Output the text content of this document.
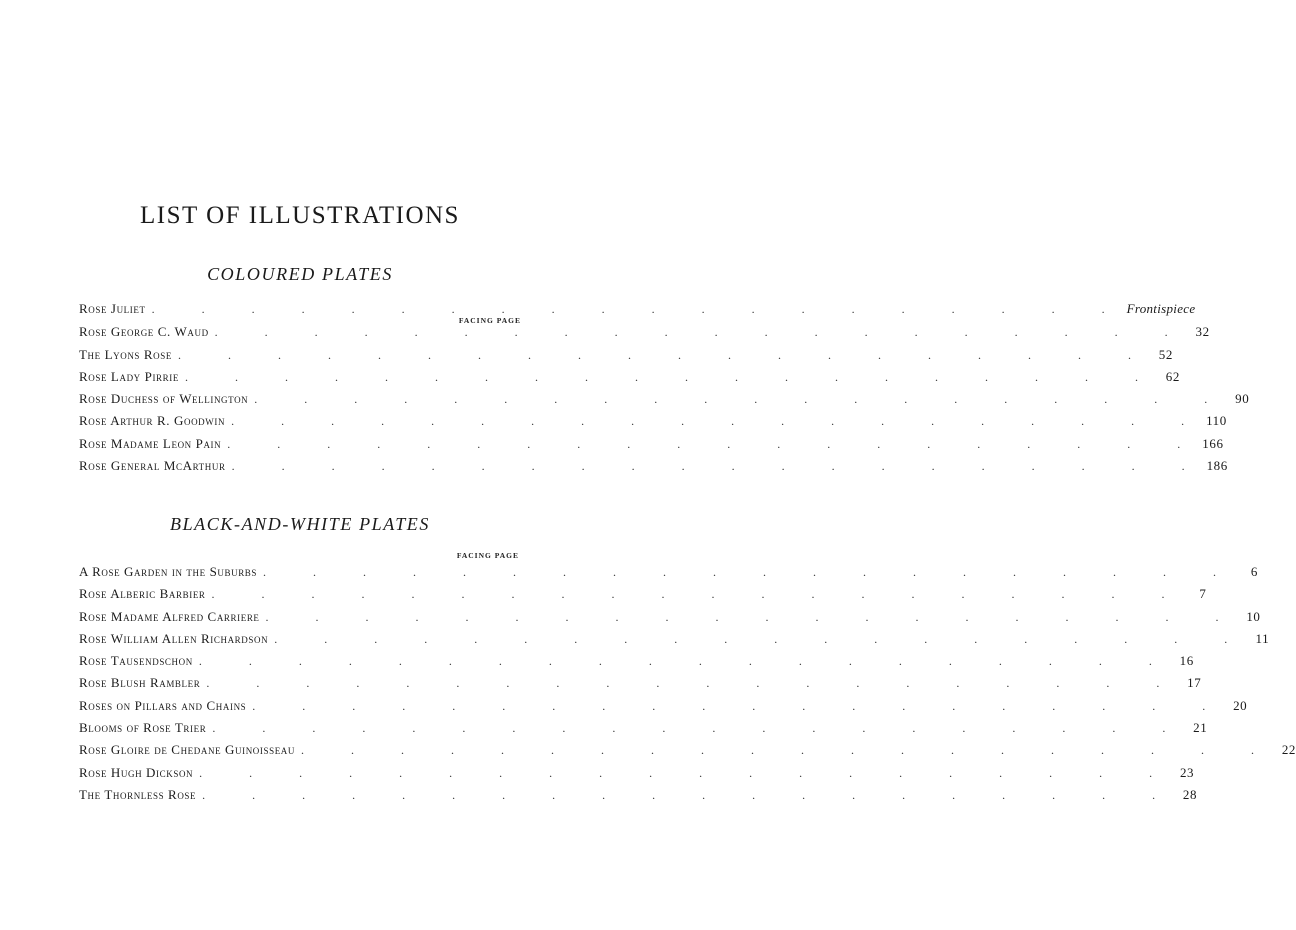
LIST OF ILLUSTRATIONS
COLOURED PLATES
Rose Juliet . . . . . . . . . . . . . . . . . . . . Frontispiece
FACING PAGE
Rose George C. Waud . . . . . . . . . . . . . . . . . . . . 32
The Lyons Rose . . . . . . . . . . . . . . . . . . . . 52
Rose Lady Pirrie . . . . . . . . . . . . . . . . . . . . 62
Rose Duchess of Wellington . . . . . . . . . . . . . . . . . . . . 90
Rose Arthur R. Goodwin . . . . . . . . . . . . . . . . . . . . 110
Rose Madame Leon Pain . . . . . . . . . . . . . . . . . . . . 166
Rose General McArthur . . . . . . . . . . . . . . . . . . . . 186
BLACK-AND-WHITE PLATES
FACING PAGE
A Rose Garden in the Suburbs . . . . . . . . . . . . . . . . . . . . 6
Rose Alberic Barbier . . . . . . . . . . . . . . . . . . . . 7
Rose Madame Alfred Carriere . . . . . . . . . . . . . . . . . . . . 10
Rose William Allen Richardson . . . . . . . . . . . . . . . . . . . . 11
Rose Tausendschon . . . . . . . . . . . . . . . . . . . . 16
Rose Blush Rambler . . . . . . . . . . . . . . . . . . . . 17
Roses on Pillars and Chains . . . . . . . . . . . . . . . . . . . . 20
Blooms of Rose Trier . . . . . . . . . . . . . . . . . . . . 21
Rose Gloire de Chedane Guinoisseau . . . . . . . . . . . . . . . . . . . . 22
Rose Hugh Dickson . . . . . . . . . . . . . . . . . . . . 23
The Thornless Rose . . . . . . . . . . . . . . . . . . . . 28
